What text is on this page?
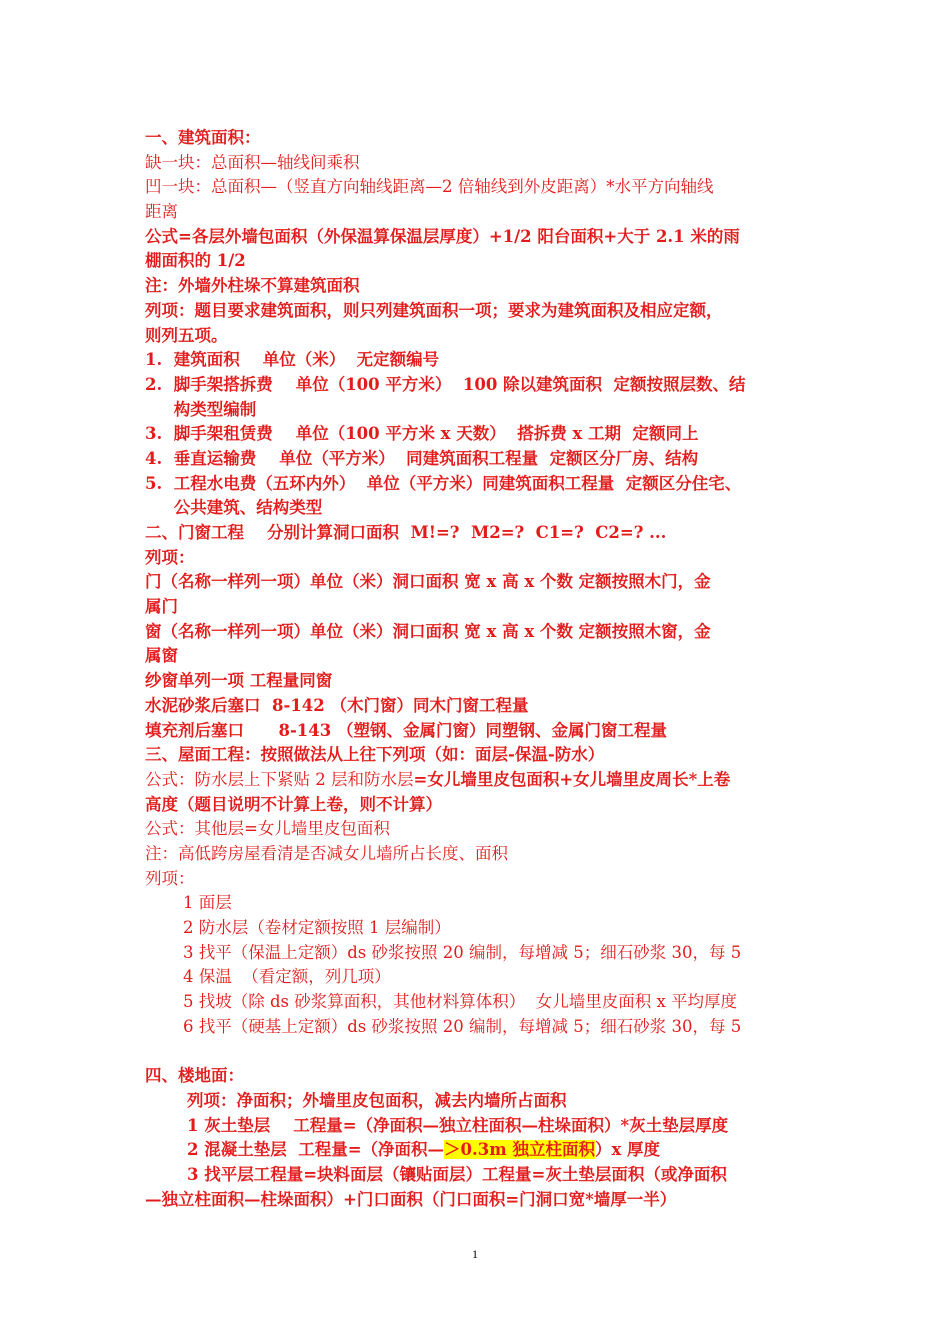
一、建筑面积：
缺一块：总面积—轴线间乘积
凹一块：总面积—（竖直方向轴线距离—2 倍轴线到外皮距离）*水平方向轴线
距离
公式=各层外墙包面积（外保温算保温层厚度）+1/2 阳台面积+大于 2.1 米的雨
棚面积的 1/2
注：外墙外柱垛不算建筑面积
列项：题目要求建筑面积，则只列建筑面积一项；要求为建筑面积及相应定额，
则列五项。
1.  建筑面积    单位（米）  无定额编号
2.  脚手架搭拆费    单位（100 平方米）  100 除以建筑面积  定额按照层数、结
构类型编制
3.  脚手架租赁费    单位（100 平方米 x 天数）  搭拆费 x 工期  定额同上
4.  垂直运输费    单位（平方米）  同建筑面积工程量  定额区分厂房、结构
5.  工程水电费（五环内外）  单位（平方米）同建筑面积工程量  定额区分住宅、
公共建筑、结构类型
二、门窗工程    分别计算洞口面积  M!=?  M2=?  C1=?  C2=? ...
列项：
门（名称一样列一项）单位（米）洞口面积 宽 x 高 x 个数 定额按照木门，金
属门
窗（名称一样列一项）单位（米）洞口面积 宽 x 高 x 个数 定额按照木窗，金
属窗
纱窗单列一项 工程量同窗
水泥砂浆后塞口  8-142 （木门窗）同木门窗工程量
填充剂后塞口      8-143 （塑钢、金属门窗）同塑钢、金属门窗工程量
三、屋面工程：按照做法从上往下列项（如：面层-保温-防水）
公式：防水层上下紧贴 2 层和防水层=女儿墙里皮包面积+女儿墙里皮周长*上卷
高度（题目说明不计算上卷，则不计算）
公式：其他层=女儿墙里皮包面积
注：高低跨房屋看清是否减女儿墙所占长度、面积
列项：
1 面层
2 防水层（卷材定额按照 1 层编制）
3 找平（保温上定额）ds 砂浆按照 20 编制，每增减 5；细石砂浆 30，每 5
4 保温  （看定额，列几项）
5 找坡（除 ds 砂浆算面积，其他材料算体积）  女儿墙里皮面积 x 平均厚度
6 找平（硬基上定额）ds 砂浆按照 20 编制，每增减 5；细石砂浆 30，每 5
四、楼地面：
列项：净面积；外墙里皮包面积，减去内墙所占面积
1 灰土垫层    工程量=（净面积—独立柱面积—柱垛面积）*灰土垫层厚度
2 混凝土垫层  工程量=（净面积—＞0.3m 独立柱面积）x 厚度
3 找平层工程量=块料面层（镶贴面层）工程量=灰土垫层面积（或净面积
—独立柱面积—柱垛面积）+门口面积（门口面积=门洞口宽*墙厚一半）
1
